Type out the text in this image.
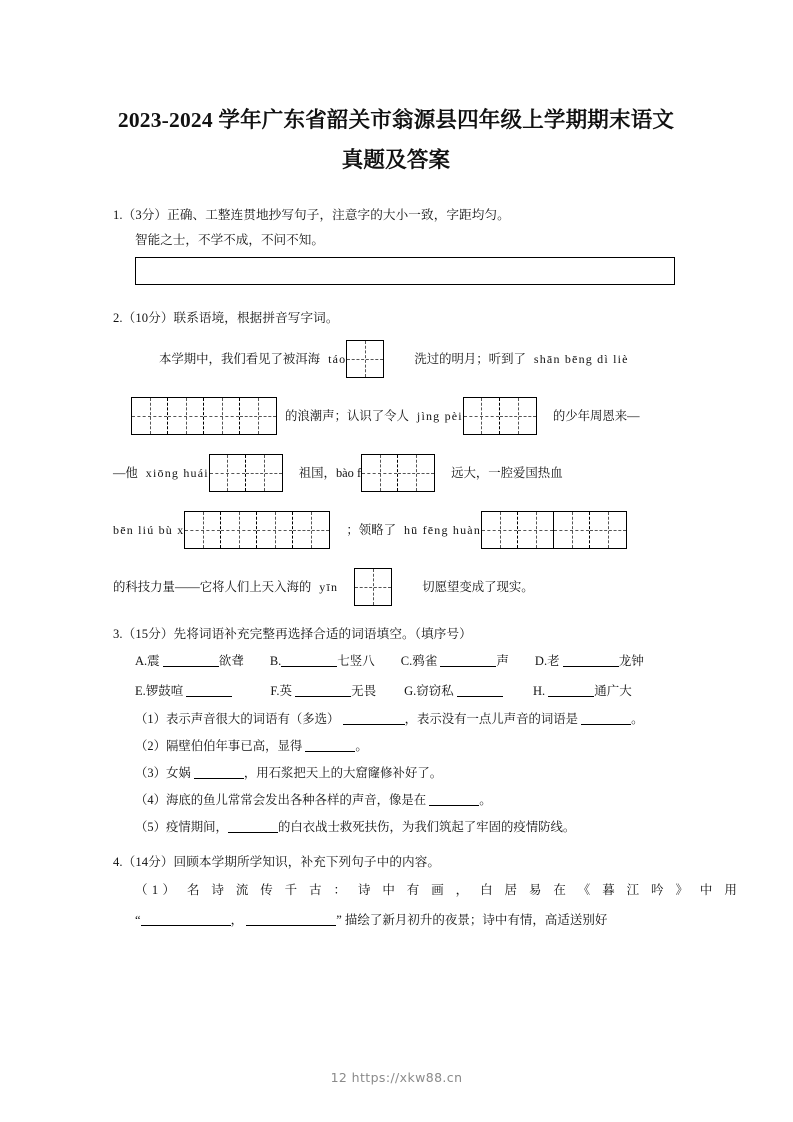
2023-2024 学年广东省韶关市翁源县四年级上学期期末语文
真题及答案

1.（3分）正确、工整连贯地抄写句子，注意字的大小一致，字距均匀。

智能之士，不学不成，不问不知。

2.（10分）联系语境，根据拼音写字词。

本学期中，我们看见了被洱海 táo	洗过的明月；听到了 shān bēng dì liè
的浪潮声；认识了令人 jìng pèi	的少年周恩来—
—他 xiōng huái	祖国，bào f	远大，一腔爱国热血
bēn liú bù x	；领略了 hū fēng huàn
的科技力量——它将人们上天入海的 yīn	切愿望变成了现实。

3.（15分）先将词语补充完整再选择合适的词语填空。（填序号）

A.震	欲聋 B.	七竖八 C.鸦雀	声 D.老	龙钟
E.锣鼓喧	F.英	无畏 G.窃窃私	H.	通广大

（1）表示声音很大的词语有（多选）	，表示没有一点儿声音的词语是	。

（2）隔壁伯伯年事已高，显得	。

（3）女娲	，用石浆把天上的大窟窿修补好了。

（4）海底的鱼儿常常会发出各种各样的声音，像是在	。

（5）疫情期间，	的白衣战士救死扶伤，为我们筑起了牢固的疫情防线。

4.（14分）回顾本学期所学知识，补充下列句子中的内容。

（1） 名 诗 流 传 千 古 ： 诗 中 有 画 ， 白 居 易 在 《 暮 江 吟 》 中 用
“	，	” 描绘了新月初升的夜景；诗中有情，高适送别好
12 https://xkw88.cn
